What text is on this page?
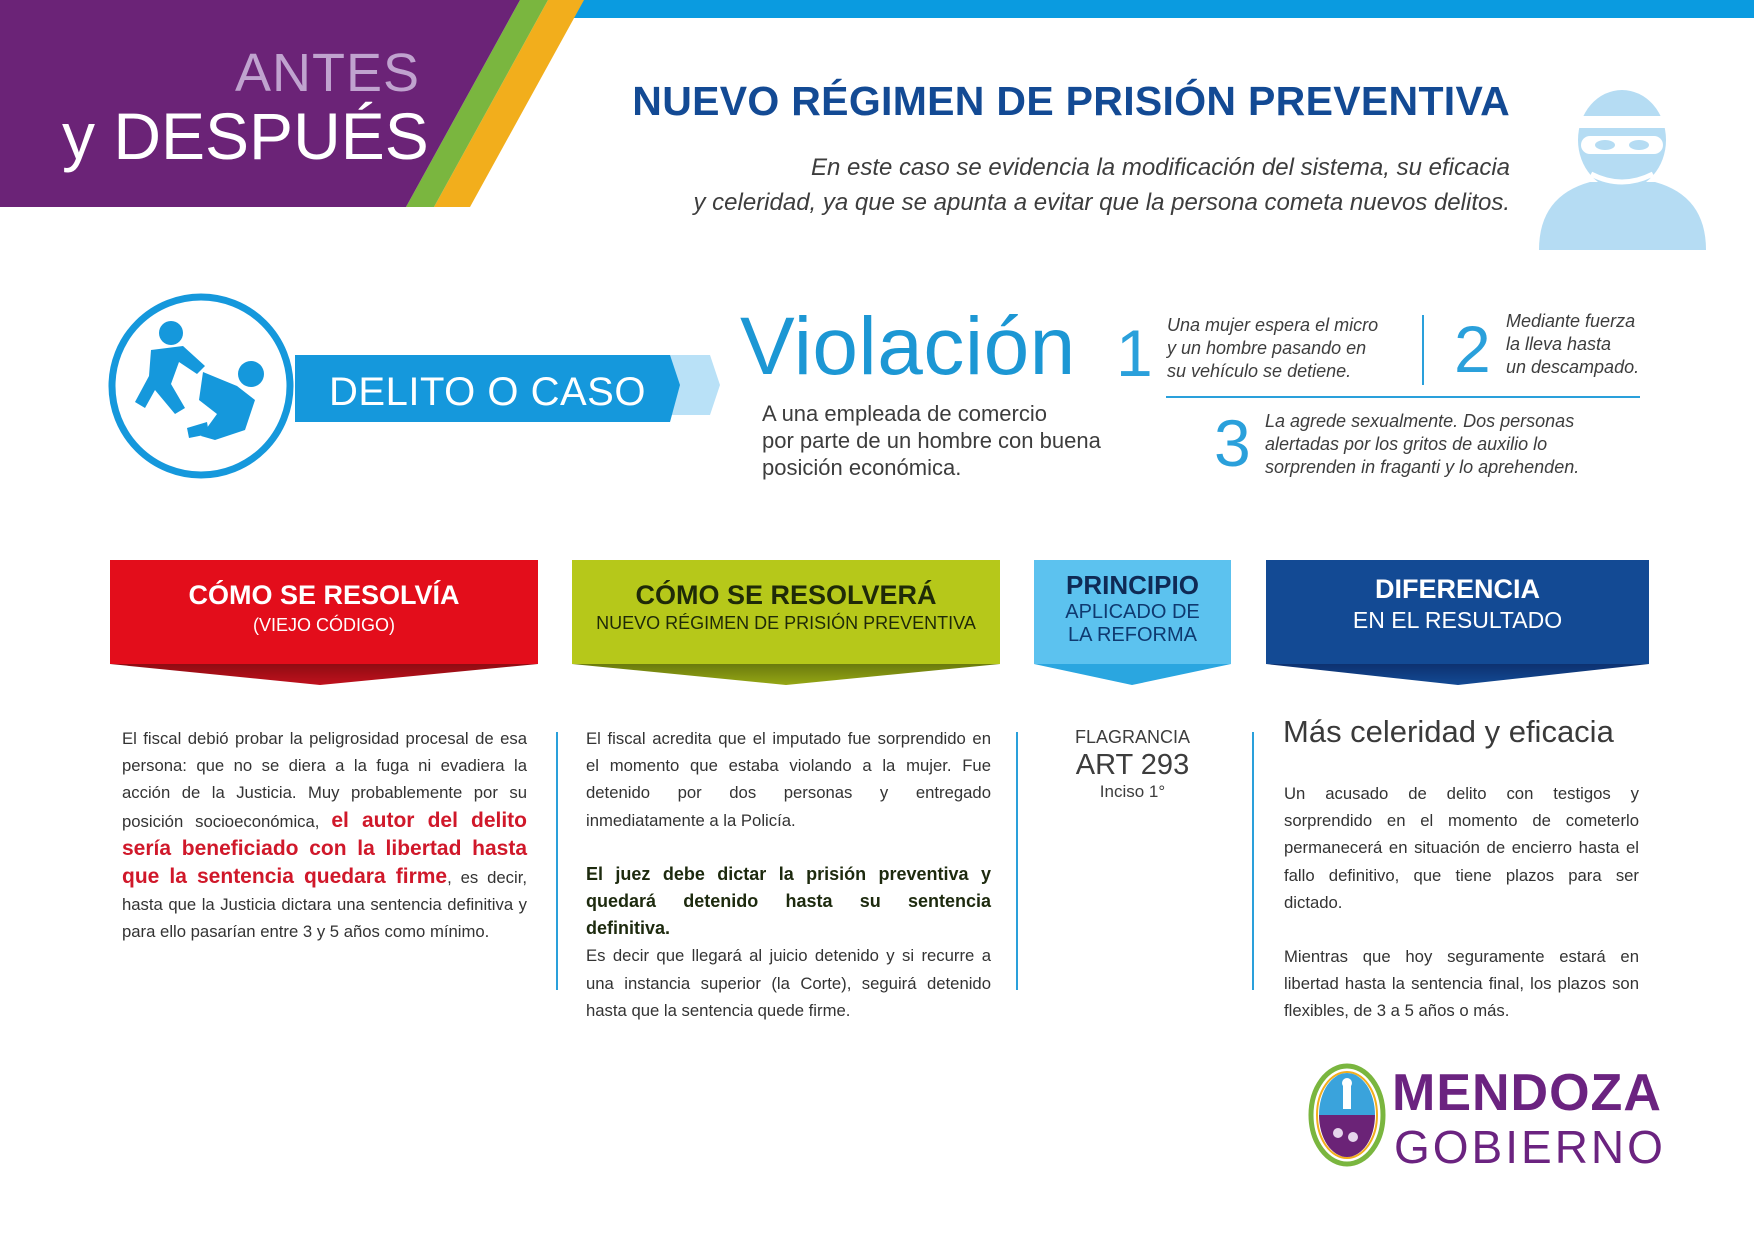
ANTES
y DESPUÉS	NUEVO RÉGIMEN DE PRISIÓN PREVENTIVA
En este caso se evidencia la modificación del sistema, su eficacia
y celeridad, ya que se apunta a evitar que la persona cometa nuevos delitos.
DELITO O CASO Violación
A una empleada de comercio
por parte de un hombre con buena
posición económica.
1 Una mujer espera el micro
y un hombre pasando en
su vehículo se detiene.	2 Mediante fuerza
la lleva hasta
un descampado.
3 La agrede sexualmente. Dos personas
alertadas por los gritos de auxilio lo
sorprenden in fraganti y lo aprehenden.
CÓMO SE RESOLVÍA
(VIEJO CÓDIGO)
CÓMO SE RESOLVERÁ
NUEVO RÉGIMEN DE PRISIÓN PREVENTIVA
PRINCIPIO
APLICADO DE
LA REFORMA
DIFERENCIA
EN EL RESULTADO
El fiscal debió probar la peligrosidad procesal de esa persona: que no se diera a la fuga ni evadiera la acción de la Justicia. Muy probablemente por su posición socioeconómica, el autor del delito sería beneficiado con la libertad hasta que la sentencia quedara firme, es decir, hasta que la Justicia dictara una sentencia definitiva y para ello pasarían entre 3 y 5 años como mínimo.
El fiscal acredita que el imputado fue sorprendido en el momento que estaba violando a la mujer. Fue detenido por dos personas y entregado inmediatamente a la Policía.
El juez debe dictar la prisión preventiva y quedará detenido hasta su sentencia definitiva.
Es decir que llegará al juicio detenido y si recurre a una instancia superior (la Corte), seguirá detenido hasta que la sentencia quede firme.
FLAGRANCIA
ART 293
Inciso 1°
Más celeridad y eficacia
Un acusado de delito con testigos y sorprendido en el momento de cometerlo permanecerá en situación de encierro hasta el fallo definitivo, que tiene plazos para ser dictado.
Mientras que hoy seguramente estará en libertad hasta la sentencia final, los plazos son flexibles, de 3 a 5 años o más.
MENDOZA
GOBIERNO
